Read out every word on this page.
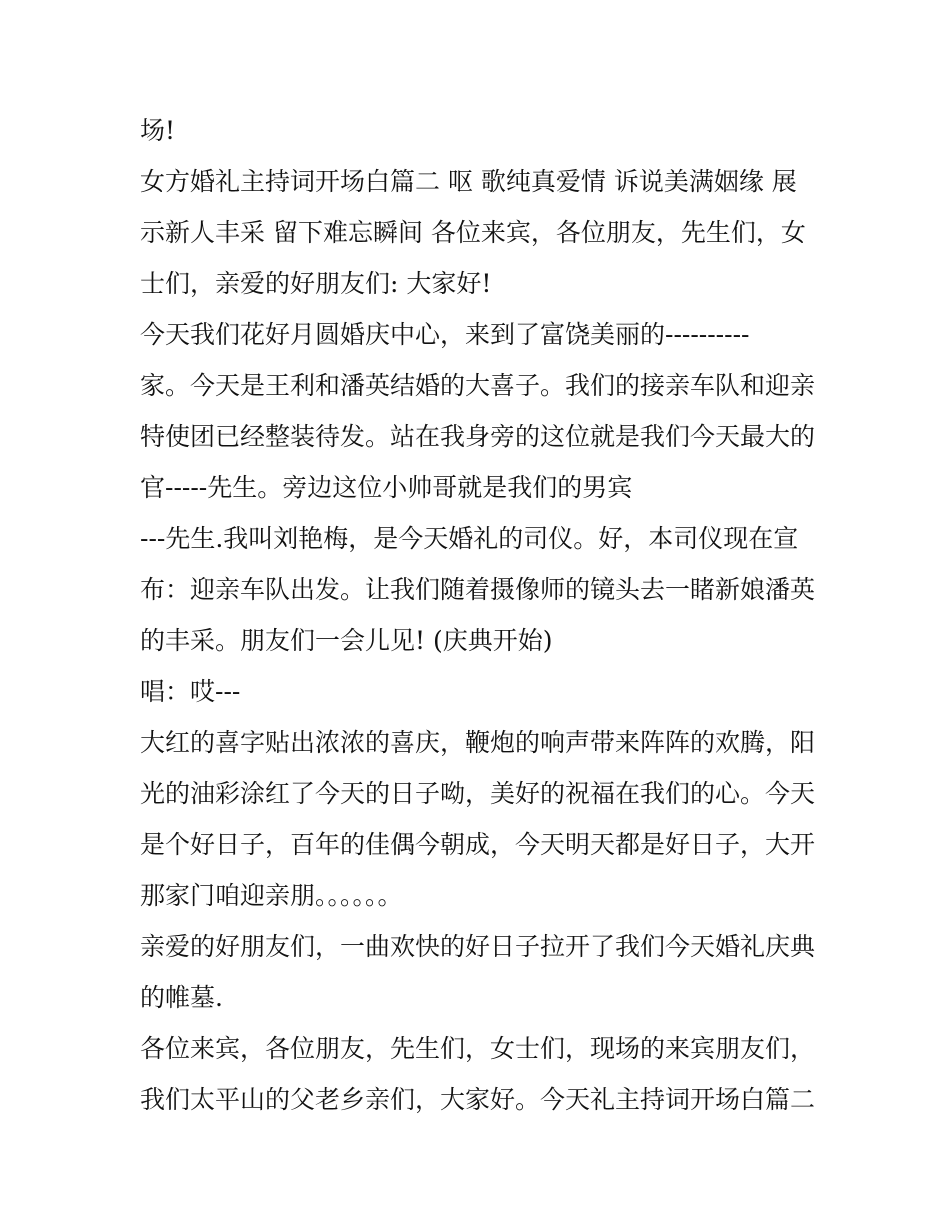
场!
女方婚礼主持词开场白篇二 呕 歌纯真爱情 诉说美满姻缘 展
示新人丰采 留下难忘瞬间 各位来宾，各位朋友，先生们，女
士们，亲爱的好朋友们: 大家好!
今天我们花好月圆婚庆中心，来到了富饶美丽的----------
家。今天是王利和潘英结婚的大喜子。我们的接亲车队和迎亲
特使团已经整装待发。站在我身旁的这位就是我们今天最大的
官-----先生。旁边这位小帅哥就是我们的男宾
---先生.我叫刘艳梅，是今天婚礼的司仪。好，本司仪现在宣
布：迎亲车队出发。让我们随着摄像师的镜头去一睹新娘潘英
的丰采。朋友们一会儿见! (庆典开始)
唱：哎---
大红的喜字贴出浓浓的喜庆，鞭炮的响声带来阵阵的欢腾，阳
光的油彩涂红了今天的日子呦，美好的祝福在我们的心。今天
是个好日子，百年的佳偶今朝成，今天明天都是好日子，大开
那家门咱迎亲朋。。。。。。
亲爱的好朋友们，一曲欢快的好日子拉开了我们今天婚礼庆典
的帷墓.
各位来宾，各位朋友，先生们，女士们，现场的来宾朋友们，
我们太平山的父老乡亲们，大家好。今天礼主持词开场白篇二
